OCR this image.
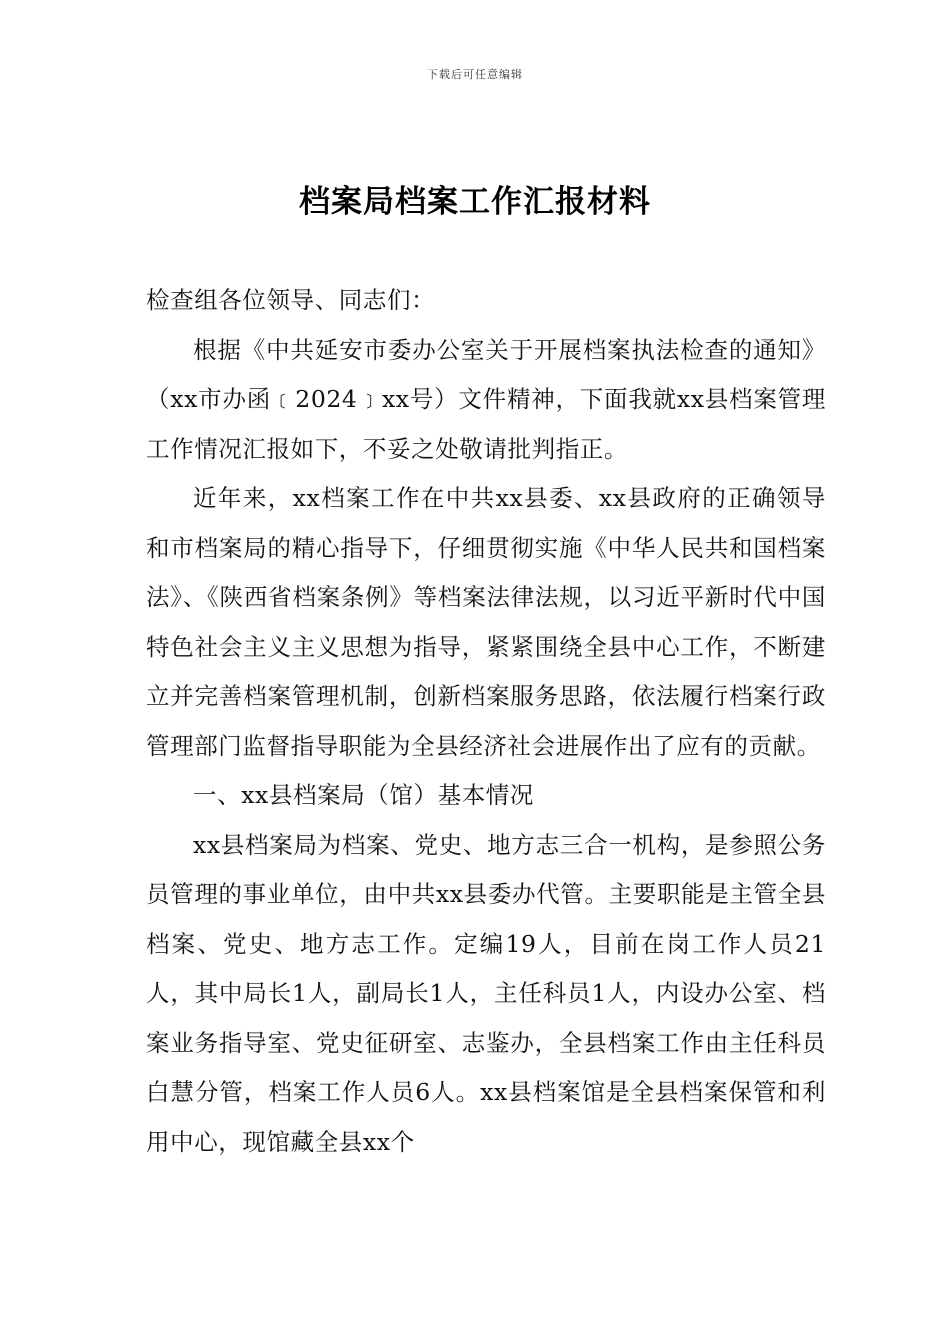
下载后可任意编辑
档案局档案工作汇报材料

检查组各位领导、同志们：

根据《中共延安市委办公室关于开展档案执法检查的通知》（xx市办函﹝2024﹞xx号）文件精神，下面我就xx县档案管理工作情况汇报如下，不妥之处敬请批判指正。

近年来，xx档案工作在中共xx县委、xx县政府的正确领导和市档案局的精心指导下，仔细贯彻实施《中华人民共和国档案法》、《陕西省档案条例》等档案法律法规，以习近平新时代中国特色社会主义主义思想为指导，紧紧围绕全县中心工作，不断建立并完善档案管理机制，创新档案服务思路，依法履行档案行政管理部门监督指导职能为全县经济社会进展作出了应有的贡献。

一、xx县档案局（馆）基本情况

xx县档案局为档案、党史、地方志三合一机构，是参照公务员管理的事业单位，由中共xx县委办代管。主要职能是主管全县档案、党史、地方志工作。定编19人，目前在岗工作人员21人，其中局长1人，副局长1人，主任科员1人，内设办公室、档案业务指导室、党史征研室、志鉴办，全县档案工作由主任科员白慧分管，档案工作人员6人。xx县档案馆是全县档案保管和利用中心，现馆藏全县xx个
